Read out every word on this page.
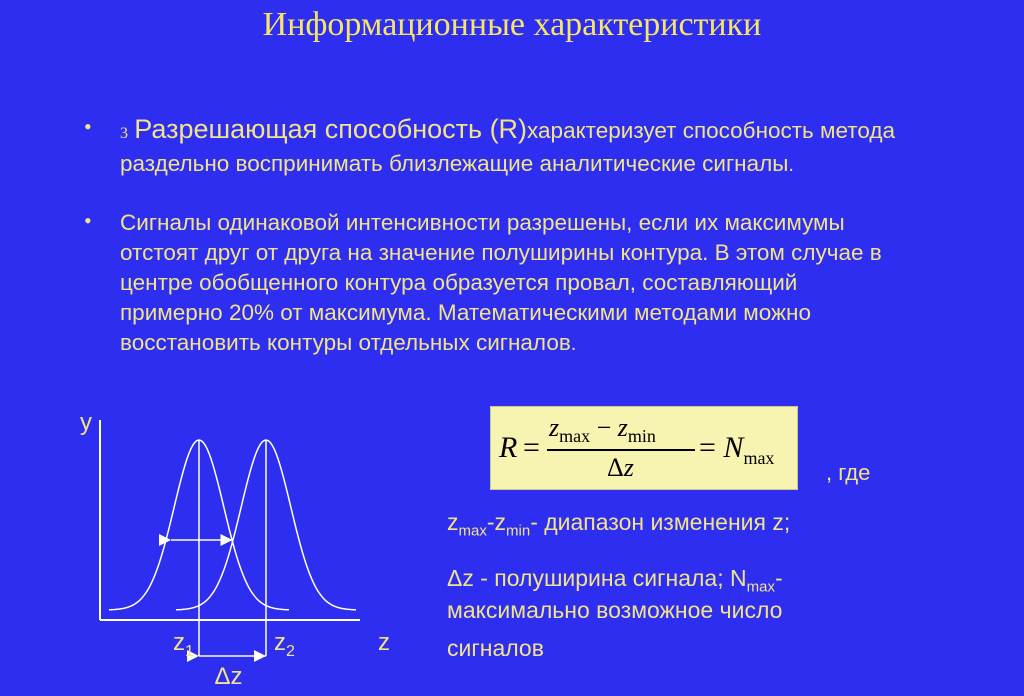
Информационные характеристики
• 3 Разрешающая способность (R)характеризует способность метода раздельно воспринимать близлежащие аналитические сигналы.
• Сигналы одинаковой интенсивности разрешены, если их максимумы отстоят друг от друга на значение полуширины контура. В этом случае в центре обобщенного контура образуется провал, составляющий примерно 20% от максимума. Математическими методами можно восстановить контуры отдельных сигналов.
y
z
$z_1$	$z_2$
Δz
R =
$z_{max} - z_{min}$
Δz
= $N_{max}$
, где
$z_{max}-z_{min}-$ диапазон изменения z;
Δz - полуширина сигнала; $N_{max}-$
максимально возможное число
сигналов
